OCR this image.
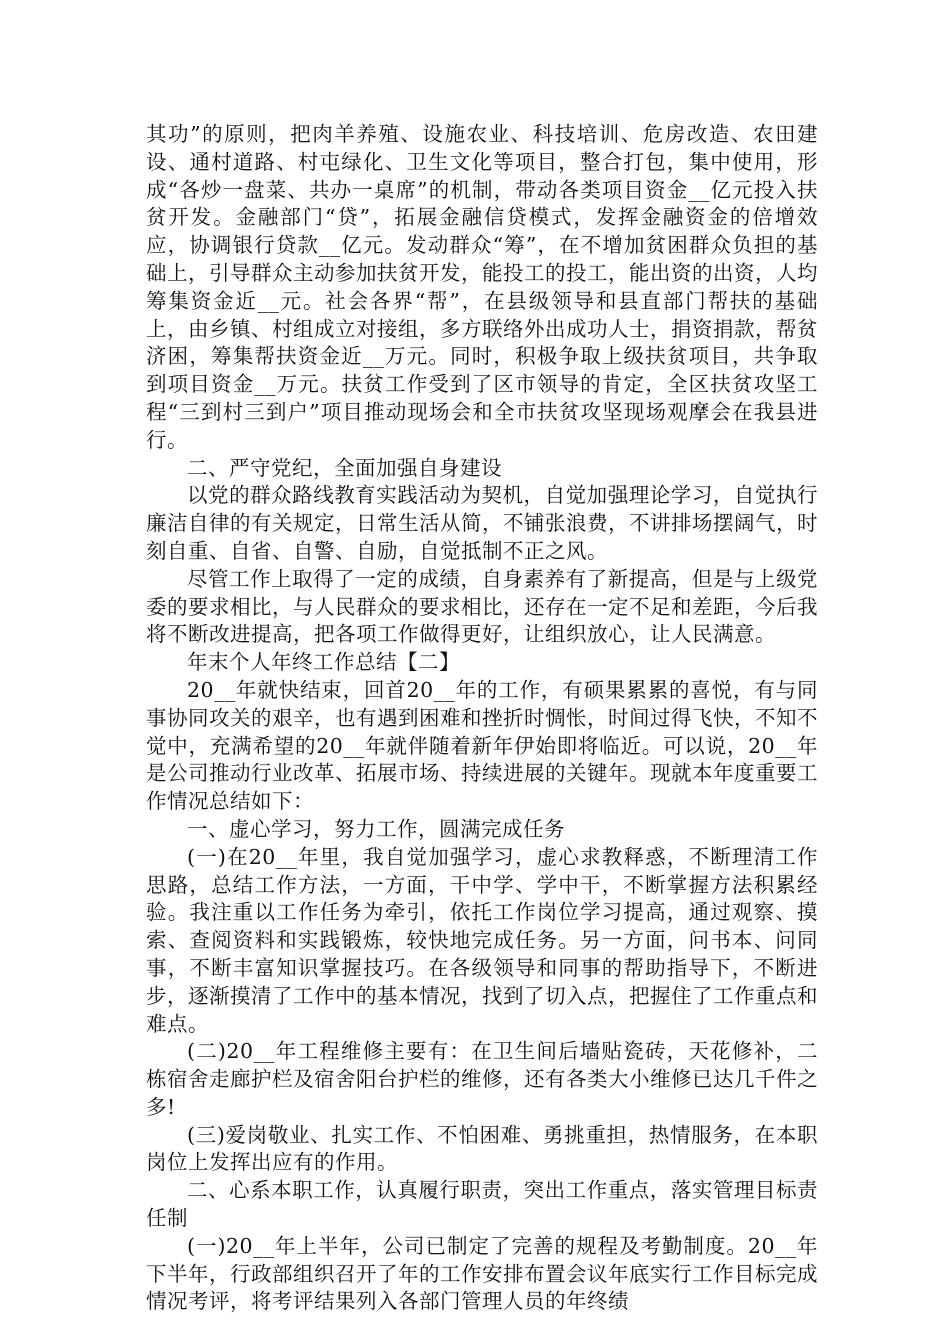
其功”的原则，把肉羊养殖、设施农业、科技培训、危房改造、农田建设、通村道路、村屯绿化、卫生文化等项目，整合打包，集中使用，形成“各炒一盘菜、共办一桌席”的机制，带动各类项目资金__亿元投入扶贫开发。金融部门“贷”，拓展金融信贷模式，发挥金融资金的倍增效应，协调银行贷款__亿元。发动群众“筹”，在不增加贫困群众负担的基础上，引导群众主动参加扶贫开发，能投工的投工，能出资的出资，人均筹集资金近__元。社会各界“帮”，在县级领导和县直部门帮扶的基础上，由乡镇、村组成立对接组，多方联络外出成功人士，捐资捐款，帮贫济困，筹集帮扶资金近__万元。同时，积极争取上级扶贫项目，共争取到项目资金__万元。扶贫工作受到了区市领导的肯定，全区扶贫攻坚工程“三到村三到户”项目推动现场会和全市扶贫攻坚现场观摩会在我县进行。

二、严守党纪，全面加强自身建设

以党的群众路线教育实践活动为契机，自觉加强理论学习，自觉执行廉洁自律的有关规定，日常生活从简，不铺张浪费，不讲排场摆阔气，时刻自重、自省、自警、自励，自觉抵制不正之风。

尽管工作上取得了一定的成绩，自身素养有了新提高，但是与上级党委的要求相比，与人民群众的要求相比，还存在一定不足和差距，今后我将不断改进提高，把各项工作做得更好，让组织放心，让人民满意。

年末个人年终工作总结【二】

20__年就快结束，回首20__年的工作，有硕果累累的喜悦，有与同事协同攻关的艰辛，也有遇到困难和挫折时惆怅，时间过得飞快，不知不觉中，充满希望的20__年就伴随着新年伊始即将临近。可以说，20__年是公司推动行业改革、拓展市场、持续进展的关键年。现就本年度重要工作情况总结如下：

一、虚心学习，努力工作，圆满完成任务

(一)在20__年里，我自觉加强学习，虚心求教释惑，不断理清工作思路，总结工作方法，一方面，干中学、学中干，不断掌握方法积累经验。我注重以工作任务为牵引，依托工作岗位学习提高，通过观察、摸索、查阅资料和实践锻炼，较快地完成任务。另一方面，问书本、问同事，不断丰富知识掌握技巧。在各级领导和同事的帮助指导下，不断进步，逐渐摸清了工作中的基本情况，找到了切入点，把握住了工作重点和难点。

(二)20__年工程维修主要有：在卫生间后墙贴瓷砖，天花修补，二栋宿舍走廊护栏及宿舍阳台护栏的维修，还有各类大小维修已达几千件之多!

(三)爱岗敬业、扎实工作、不怕困难、勇挑重担，热情服务，在本职岗位上发挥出应有的作用。

二、心系本职工作，认真履行职责，突出工作重点，落实管理目标责任制

(一)20__年上半年，公司已制定了完善的规程及考勤制度。20__年下半年，行政部组织召开了年的工作安排布置会议年底实行工作目标完成情况考评，将考评结果列入各部门管理人员的年终绩
